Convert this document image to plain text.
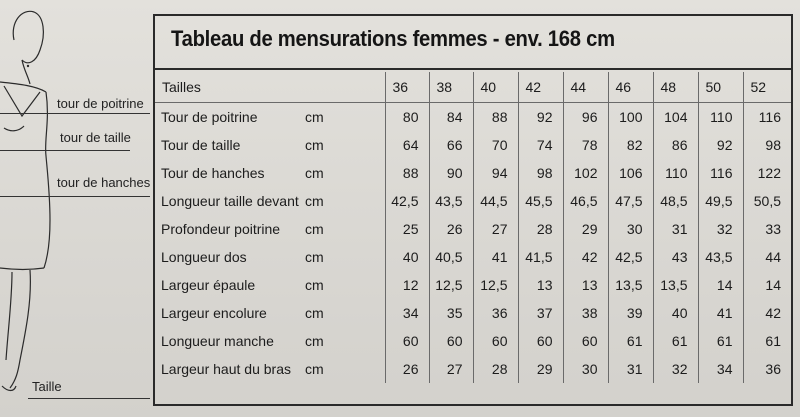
tour de poitrine
tour de taille
tour de hanches
Taille
Tableau de mensurations femmes - env. 168 cm
Tailles		36	38	40	42	44	46	48	50	52
Tour de poitrine	cm	80	84	88	92	96	100	104	110	116
Tour de taille	cm	64	66	70	74	78	82	86	92	98
Tour de hanches	cm	88	90	94	98	102	106	110	116	122
Longueur taille devant	cm	42,5	43,5	44,5	45,5	46,5	47,5	48,5	49,5	50,5
Profondeur poitrine	cm	25	26	27	28	29	30	31	32	33
Longueur dos	cm	40	40,5	41	41,5	42	42,5	43	43,5	44
Largeur épaule	cm	12	12,5	12,5	13	13	13,5	13,5	14	14
Largeur encolure	cm	34	35	36	37	38	39	40	41	42
Longueur manche	cm	60	60	60	60	60	61	61	61	61
Largeur haut du bras	cm	26	27	28	29	30	31	32	34	36
